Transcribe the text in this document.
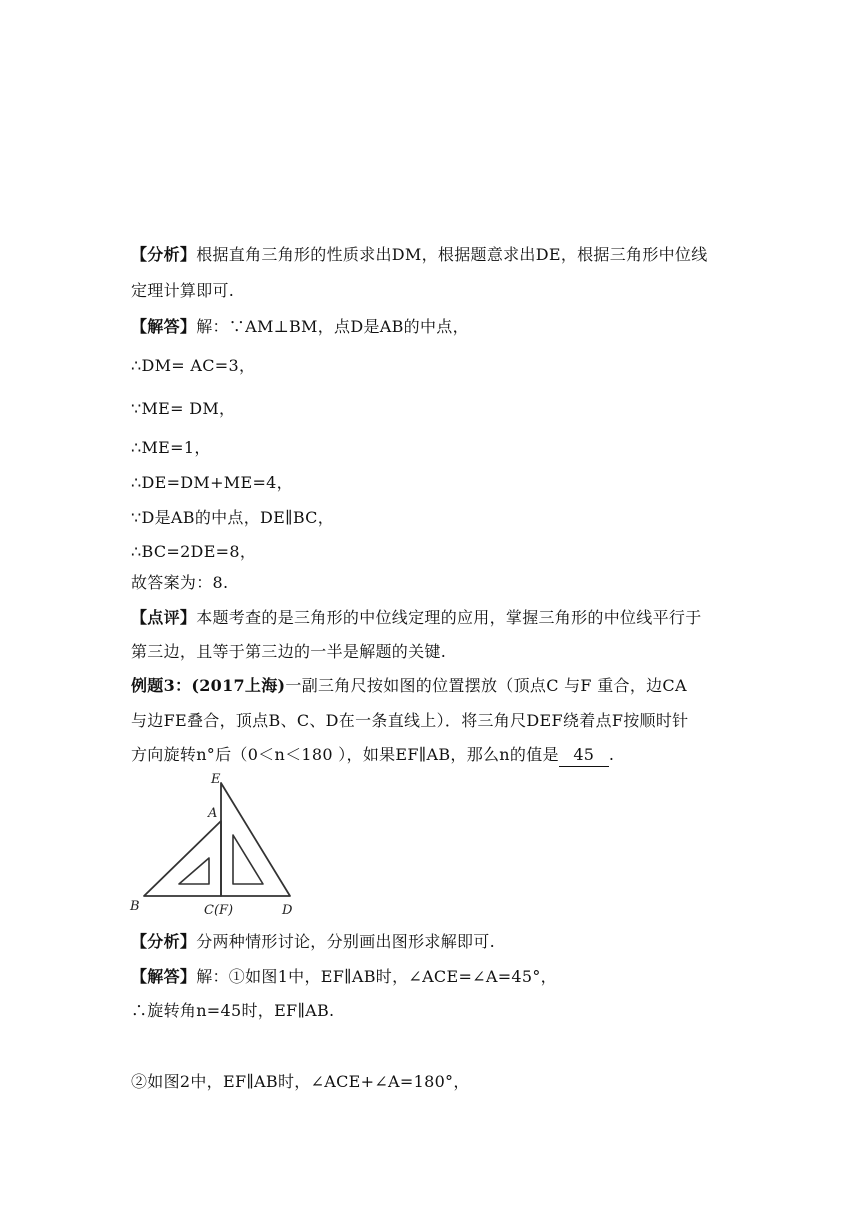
【分析】根据直角三角形的性质求出DM，根据题意求出DE，根据三角形中位线
定理计算即可.
【解答】解：∵AM⊥BM，点D是AB的中点，
∴DM= AC=3，
∵ME= DM，
∴ME=1，
∴DE=DM+ME=4，
∵D是AB的中点，DE∥BC，
∴BC=2DE=8，
故答案为：8.
【点评】本题考查的是三角形的中位线定理的应用，掌握三角形的中位线平行于
第三边，且等于第三边的一半是解题的关键.
例题3：(2017上海)一副三角尺按如图的位置摆放（顶点C 与F 重合，边CA
与边FE叠合，顶点B、C、D在一条直线上）．将三角尺DEF绕着点F按顺时针
方向旋转n°后（0＜n＜180 ），如果EF∥AB，那么n的值是 45 .
E
A
B	C(F)	D
【分析】分两种情形讨论，分别画出图形求解即可.
【解答】解：①如图1中，EF∥AB时，∠ACE=∠A=45°，
∴旋转角n=45时，EF∥AB.
②如图2中，EF∥AB时，∠ACE+∠A=180°，
